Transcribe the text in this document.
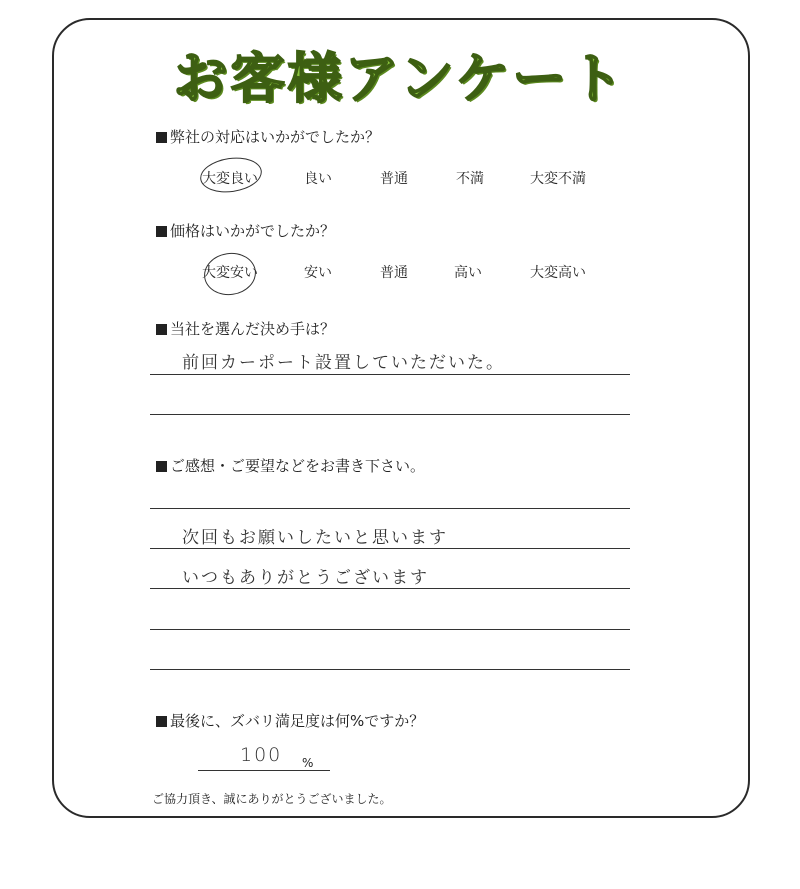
お客様アンケート
弊社の対応はいかがでしたか？
大変良い	良い	普通	不満	大変不満
価格はいかがでしたか？
大変安い	安い	普通	高い	大変高い
当社を選んだ決め手は？
前回カーポート設置していただいた。
ご感想・ご要望などをお書き下さい。
次回もお願いしたいと思います
いつもありがとうございます
最後に、ズバリ満足度は何%ですか？
100 %
ご協力頂き、誠にありがとうございました。
